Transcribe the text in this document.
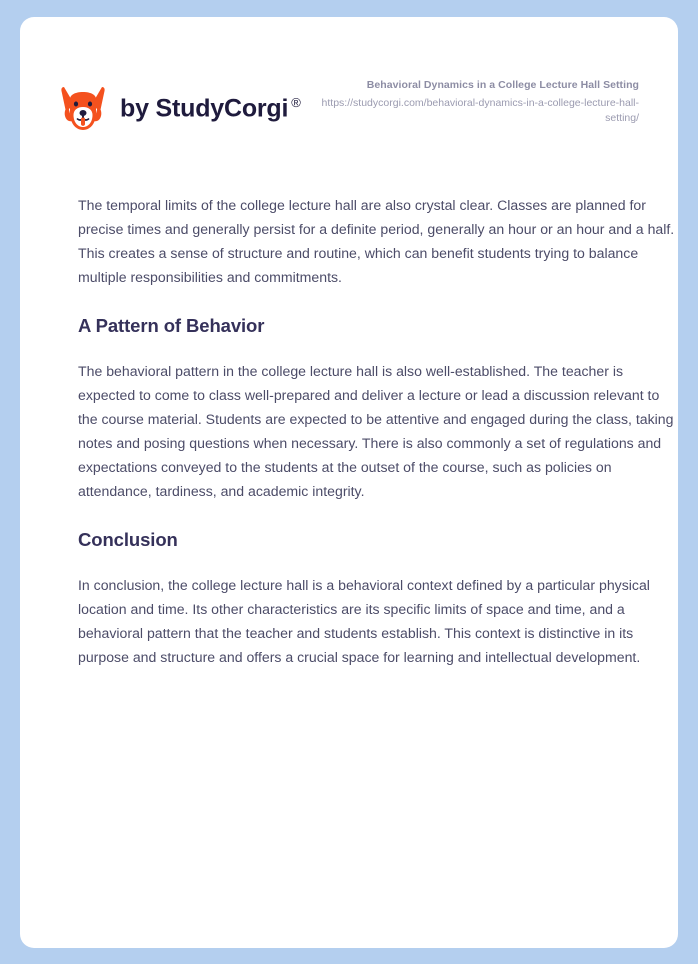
by StudyCorgi ®
Behavioral Dynamics in a College Lecture Hall Setting
https://studycorgi.com/behavioral-dynamics-in-a-college-lecture-hall-setting/

The temporal limits of the college lecture hall are also crystal clear. Classes are planned for precise times and generally persist for a definite period, generally an hour or an hour and a half. This creates a sense of structure and routine, which can benefit students trying to balance multiple responsibilities and commitments.

A Pattern of Behavior

The behavioral pattern in the college lecture hall is also well-established. The teacher is expected to come to class well-prepared and deliver a lecture or lead a discussion relevant to the course material. Students are expected to be attentive and engaged during the class, taking notes and posing questions when necessary. There is also commonly a set of regulations and expectations conveyed to the students at the outset of the course, such as policies on attendance, tardiness, and academic integrity.

Conclusion

In conclusion, the college lecture hall is a behavioral context defined by a particular physical location and time. Its other characteristics are its specific limits of space and time, and a behavioral pattern that the teacher and students establish. This context is distinctive in its purpose and structure and offers a crucial space for learning and intellectual development.
